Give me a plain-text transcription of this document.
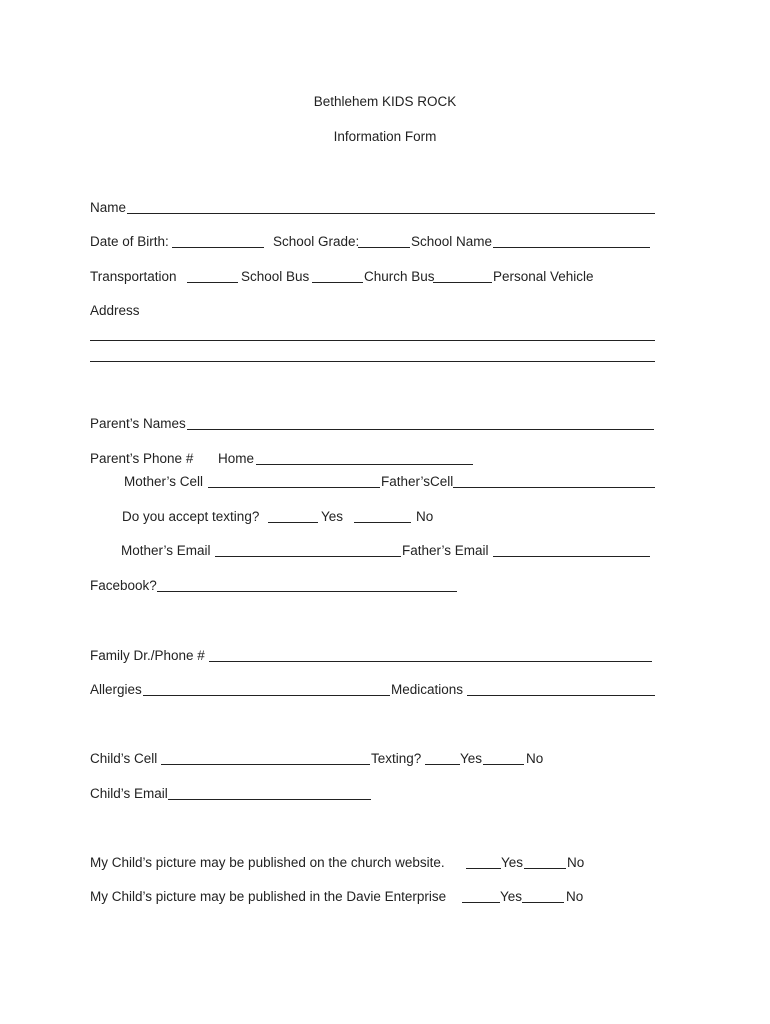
Bethlehem KIDS ROCK
Information Form
Name
Date of Birth:	School Grade:	School Name
Transportation	School Bus	Church Bus	Personal Vehicle
Address
Parent’s Names
Parent’s Phone # Home
Mother’s Cell	Father’sCell
Do you accept texting?	Yes	No
Mother’s Email	Father’s Email
Facebook?
Family Dr./Phone #
Allergies	Medications
Child’s Cell	Texting?	Yes	No
Child’s Email
My Child’s picture may be published on the church website.	Yes	No
My Child’s picture may be published in the Davie Enterprise	Yes	No
